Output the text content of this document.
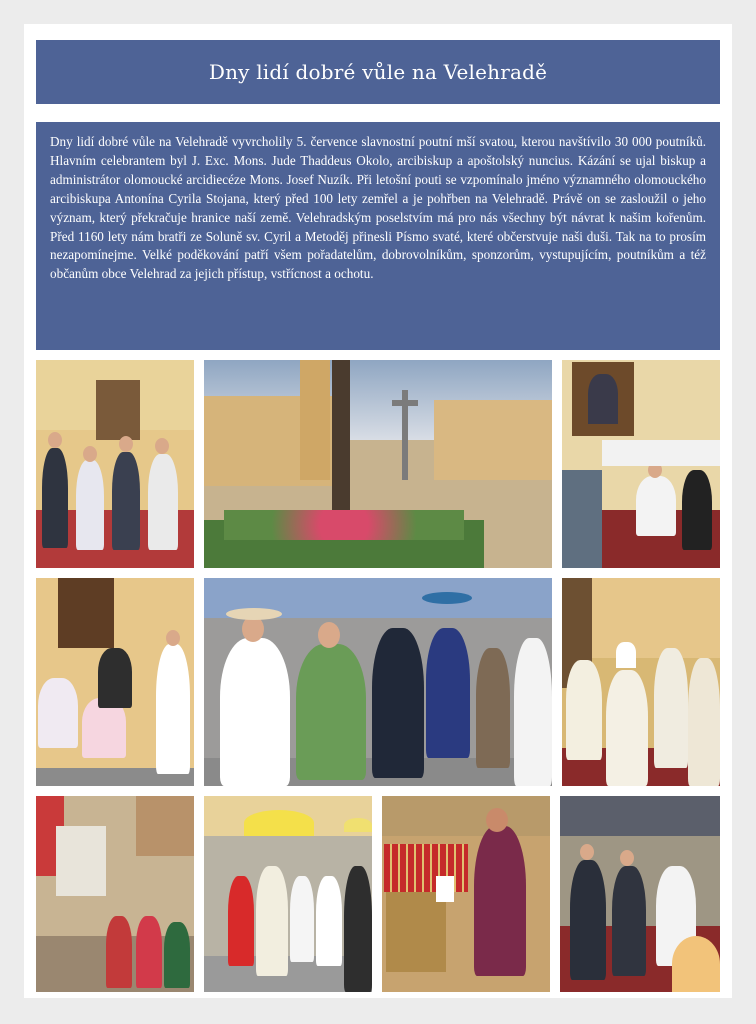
Dny lidí dobré vůle na Velehradě

Dny lidí dobré vůle na Velehradě vyvrcholily 5. července slavnostní poutní mší svatou, kterou navštívilo 30 000 poutníků. Hlavním celebrantem byl J. Exc. Mons. Jude Thaddeus Okolo, arcibiskup a apoštolský nuncius. Kázání se ujal biskup a administrátor olomoucké arcidiecéze Mons. Josef Nuzík. Při letošní pouti se vzpomínalo jméno významného olomouckého arcibiskupa Antonína Cyrila Stojana, který před 100 lety zemřel a je pohřben na Velehradě. Právě on se zasloužil o jeho význam, který překračuje hranice naší země. Velehradským poselstvím má pro nás všechny být návrat k našim kořenům. Před 1160 lety nám bratři ze Soluně sv. Cyril a Metoděj přinesli Písmo svaté, které občerstvuje naši duši. Tak na to prosím nezapomínejme. Velké poděkování patří všem pořadatelům, dobrovolníkům, sponzorům, vystupujícím, poutníkům a též občanům obce Velehrad za jejich přístup, vstřícnost a ochotu.
